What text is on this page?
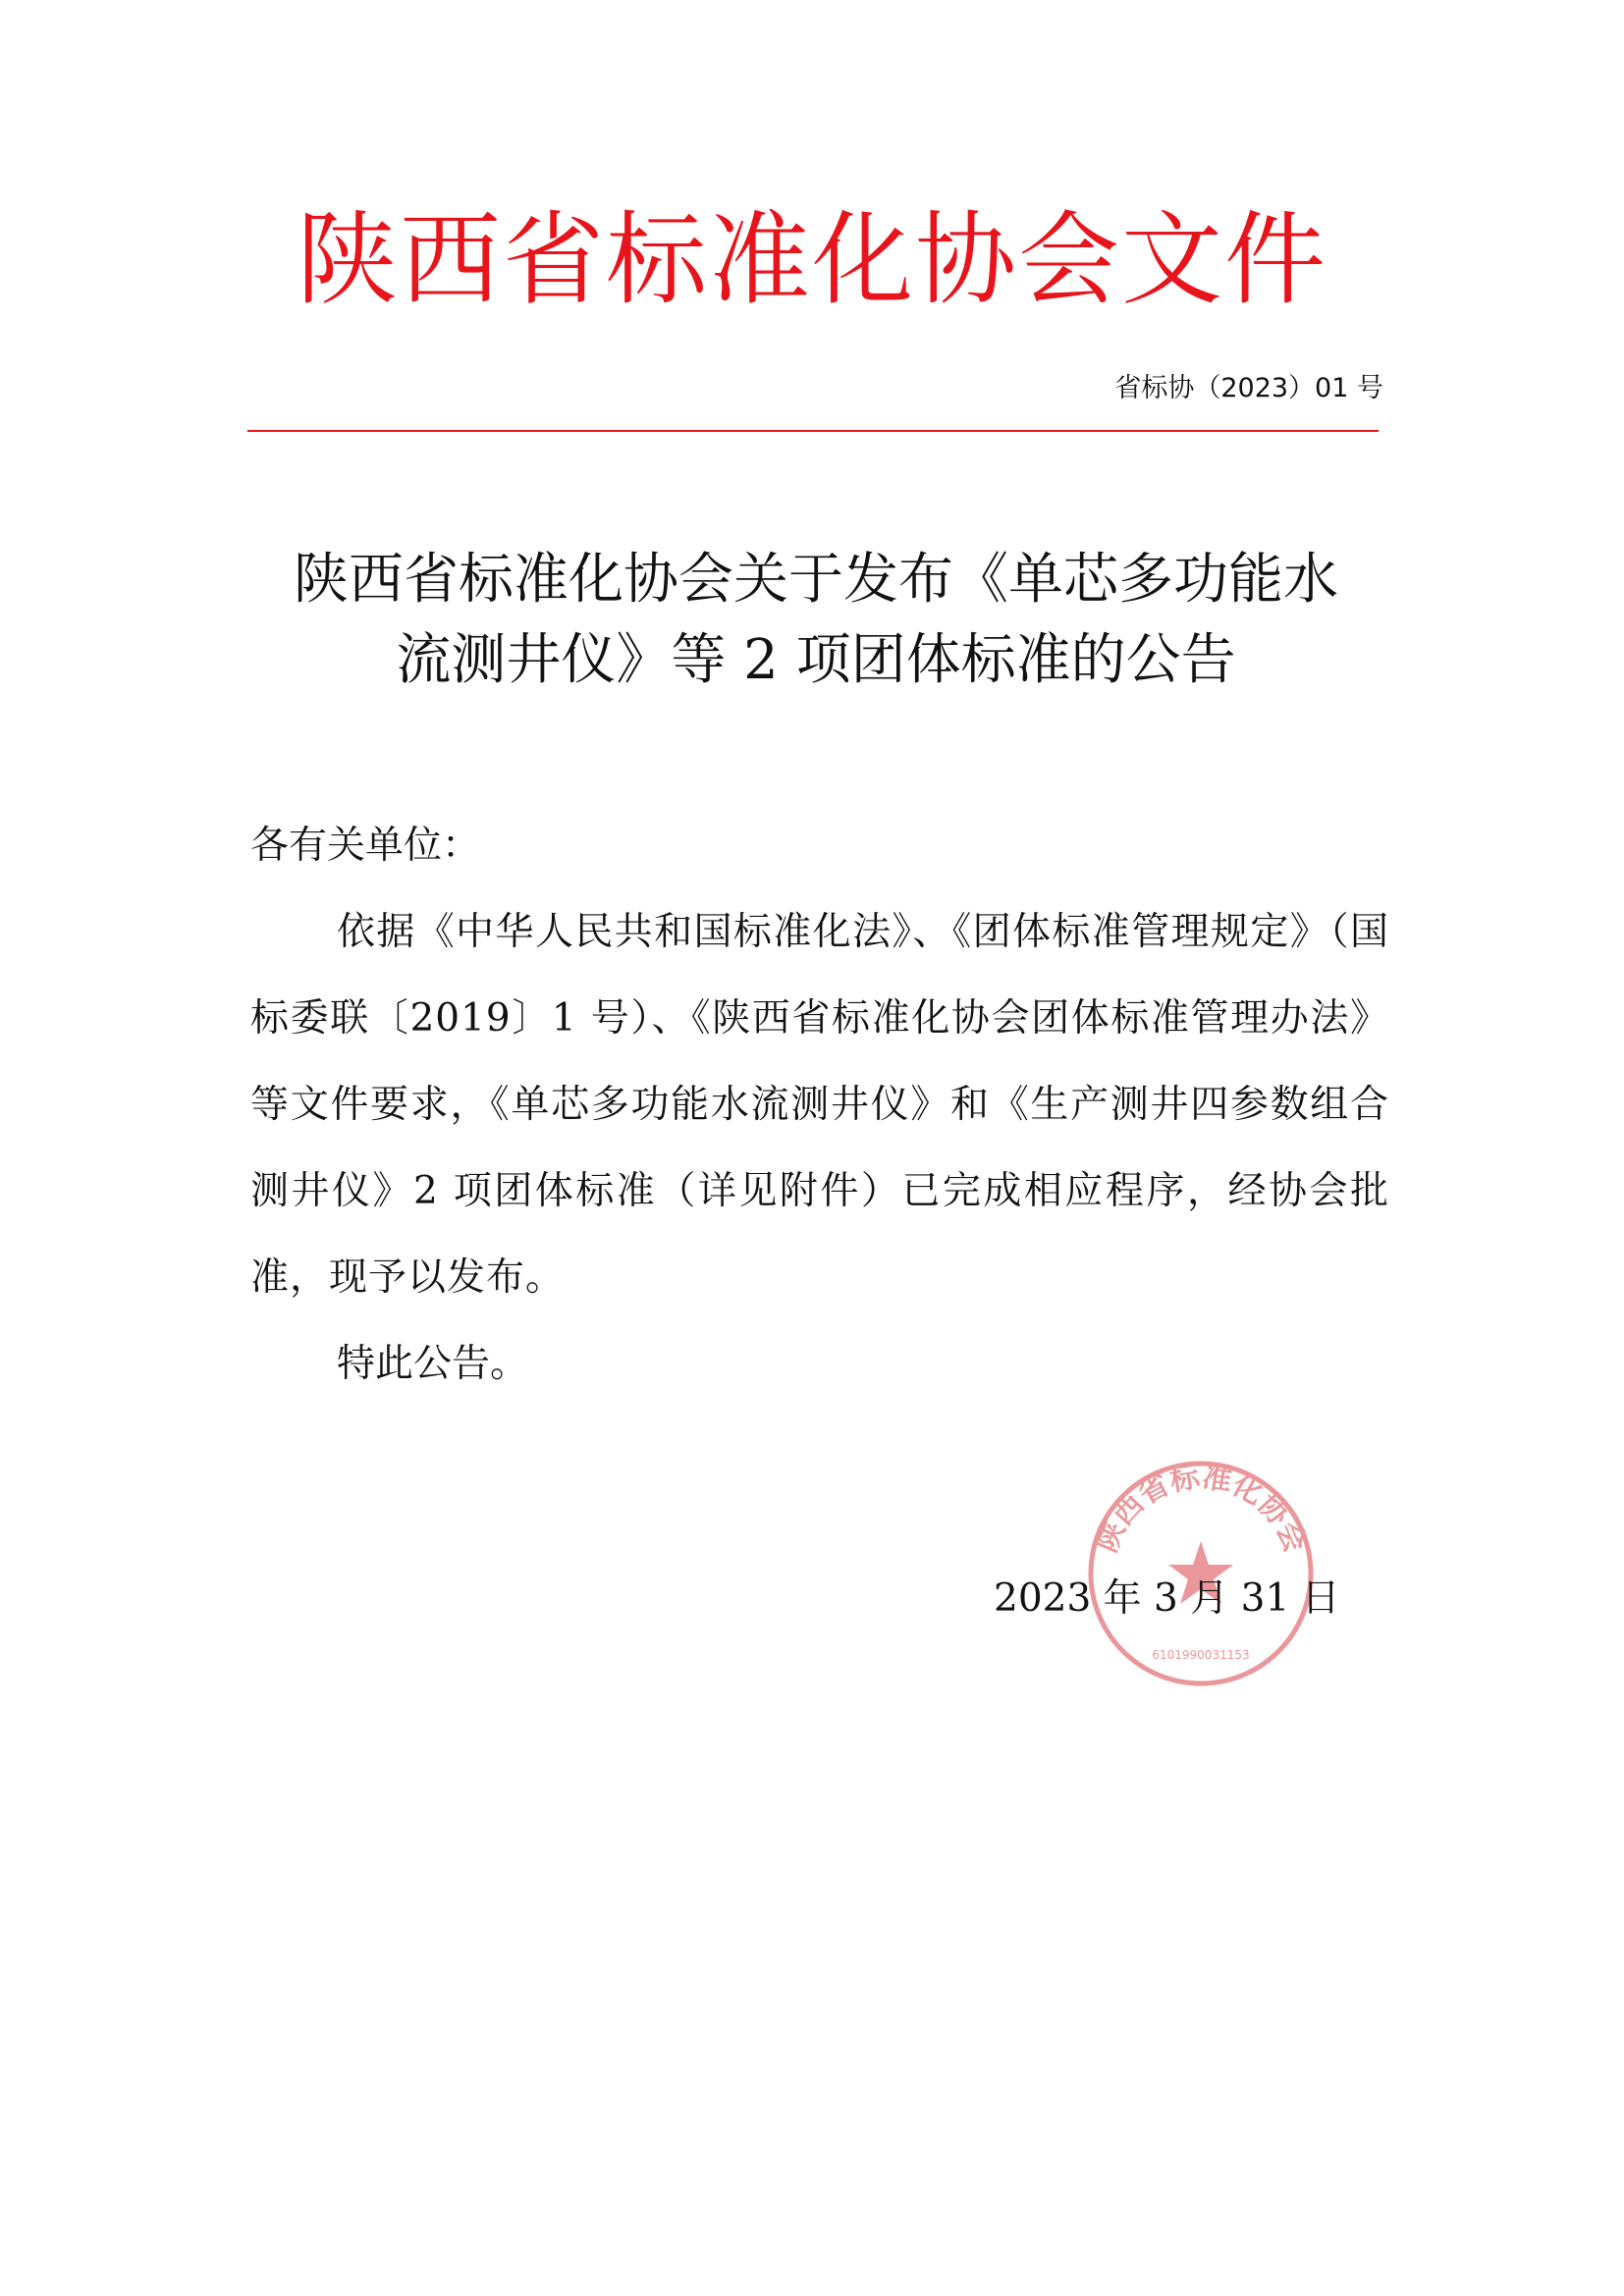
陕西省标准化协会文件
省标协（2023）01 号
陕西省标准化协会关于发布《单芯多功能水
流测井仪》等 2 项团体标准的公告
各有关单位：
依据《中华人民共和国标准化法》、《团体标准管理规定》（国标委联〔2019〕1 号）、《陕西省标准化协会团体标准管理办法》等文件要求，《单芯多功能水流测井仪》和《生产测井四参数组合测井仪》2 项团体标准（详见附件）已完成相应程序，经协会批准，现予以发布。
特此公告。
陕西省标准化协会
6101990031153
2023 年 3 月 31 日
